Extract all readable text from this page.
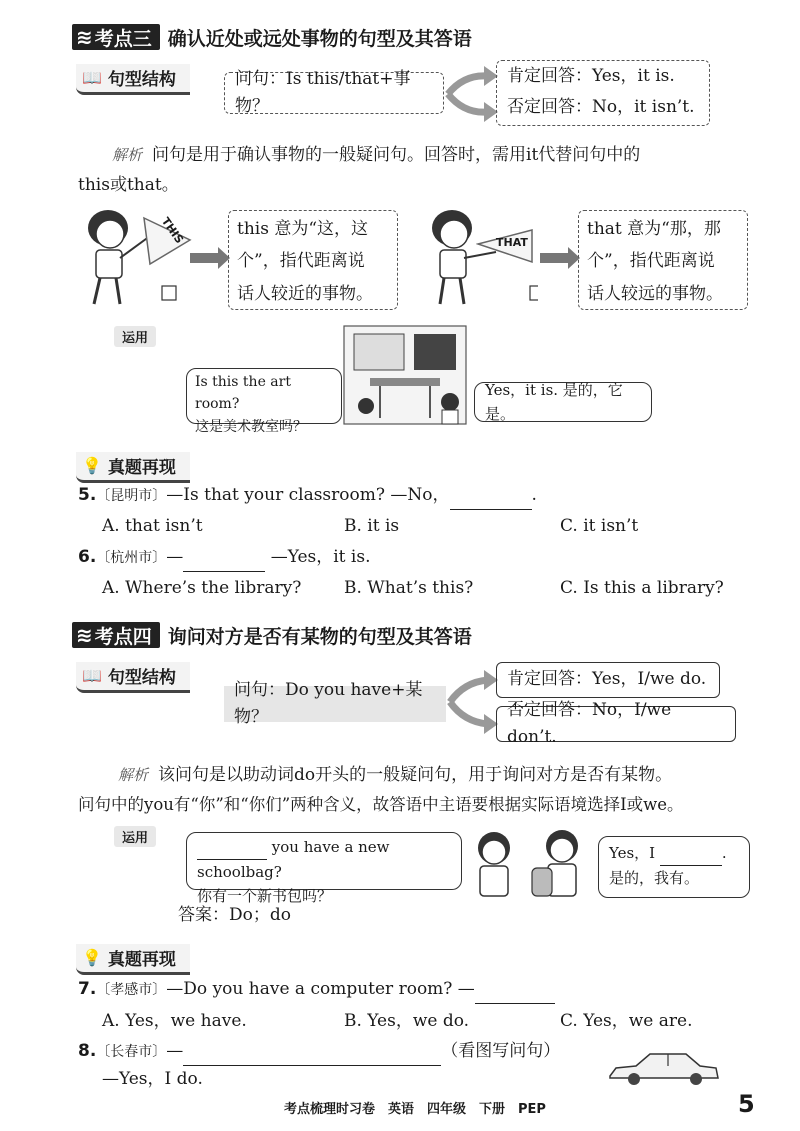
≋ 考点三 确认近处或远处事物的句型及其答语
📖 句型结构	问句：Is this/that+事物？
肯定回答：Yes，it is.
否定回答：No，it isn’t.
解析 问句是用于确认事物的一般疑问句。回答时，需用it代替问句中的
this或that。
THIS	this 意为“这，这
个”，指代距离说
话人较近的事物。
THAT
that 意为“那，那
个”，指代距离说
话人较远的事物。
运用
Is this the art room?
这是美术教室吗？
Yes，it is. 是的，它是。
💡 真题再现
5.〔昆明市〕—Is that your classroom? —No，	.
A. that isn’t	B. it is	C. it isn’t
6.〔杭州市〕—	—Yes，it is.
A. Where’s the library?	B. What’s this?	C. Is this a library?
≋ 考点四 询问对方是否有某物的句型及其答语
📖 句型结构
问句：Do you have+某物？
肯定回答：Yes，I/we do.
否定回答：No，I/we don’t.
解析 该问句是以助动词do开头的一般疑问句，用于询问对方是否有某物。
问句中的you有“你”和“你们”两种含义，故答语中主语要根据实际语境选择I或we。
运用	you have a new schoolbag?
你有一个新书包吗？
Yes，I	.
是的，我有。
答案：Do；do
💡 真题再现
7.〔孝感市〕—Do you have a computer room? —
A. Yes，we have.	B. Yes，we do.	C. Yes，we are.
8.〔长春市〕—	（看图写问句）
—Yes，I do.
考点梳理时习卷　英语　四年级　下册　PEP	5
